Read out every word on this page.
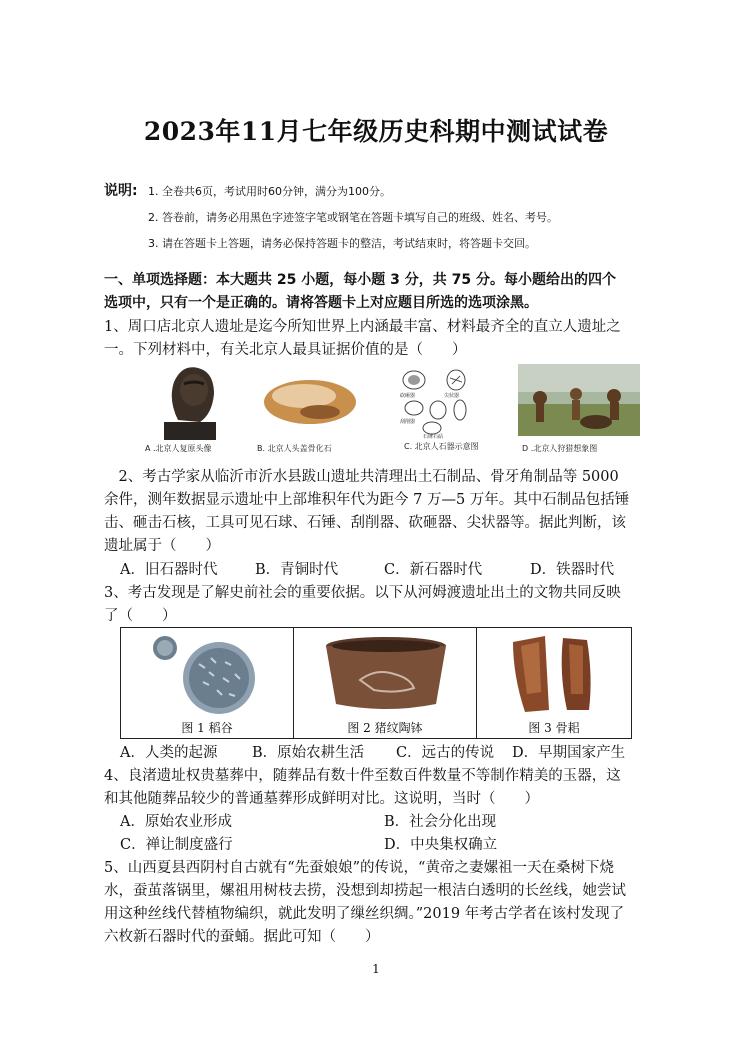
2023年11月七年级历史科期中测试试卷
说明: 1. 全卷共6页，考试用时60分钟，满分为100分。
2. 答卷前，请务必用黑色字迹签字笔或钢笔在答题卡填写自己的班级、姓名、考号。
3. 请在答题卡上答题，请务必保持答题卡的整洁，考试结束时，将答题卡交回。
一、单项选择题：本大题共 25 小题，每小题 3 分，共 75 分。每小题给出的四个
选项中，只有一个是正确的。请将答题卡上对应题目所选的选项涂黑。
1、周口店北京人遗址是迄今所知世界上内涵最丰富、材料最齐全的直立人遗址之
一。下列材料中，有关北京人最具证据价值的是（　　）
A .北京人复原头像	B. 北京人头盖骨化石
砍砸器	尖状器
刮削器
石锤石砧
C. 北京人石器示意图	D .北京人狩猎想象图
　2、考古学家从临沂市沂水县跋山遗址共清理出土石制品、骨牙角制品等 5000
余件，测年数据显示遗址中上部堆积年代为距今 7 万—5 万年。其中石制品包括锤
击、砸击石核，工具可见石球、石锤、刮削器、砍砸器、尖状器等。据此判断，该
遗址属于（　　）
A．旧石器时代	B．青铜时代	C．新石器时代	D．铁器时代
3、考古发现是了解史前社会的重要依据。以下从河姆渡遗址出土的文物共同反映
了（　　）
图 1 稻谷	图 2 猪纹陶钵	图 3 骨耜
A．人类的起源 B．原始农耕生活 C．远古的传说 D．早期国家产生
4、良渚遗址权贵墓葬中，随葬品有数十件至数百件数量不等制作精美的玉器，这
和其他随葬品较少的普通墓葬形成鲜明对比。这说明，当时（　　）
A．原始农业形成	B．社会分化出现
C．禅让制度盛行	D．中央集权确立
5、山西夏县西阴村自古就有“先蚕娘娘”的传说，“黄帝之妻嫘祖一天在桑树下烧
水，蚕茧落锅里，嫘祖用树枝去捞，没想到却捞起一根洁白透明的长丝线，她尝试
用这种丝线代替植物编织，就此发明了缫丝织绸。”2019 年考古学者在该村发现了
六枚新石器时代的蚕蛹。据此可知（　　）
1
